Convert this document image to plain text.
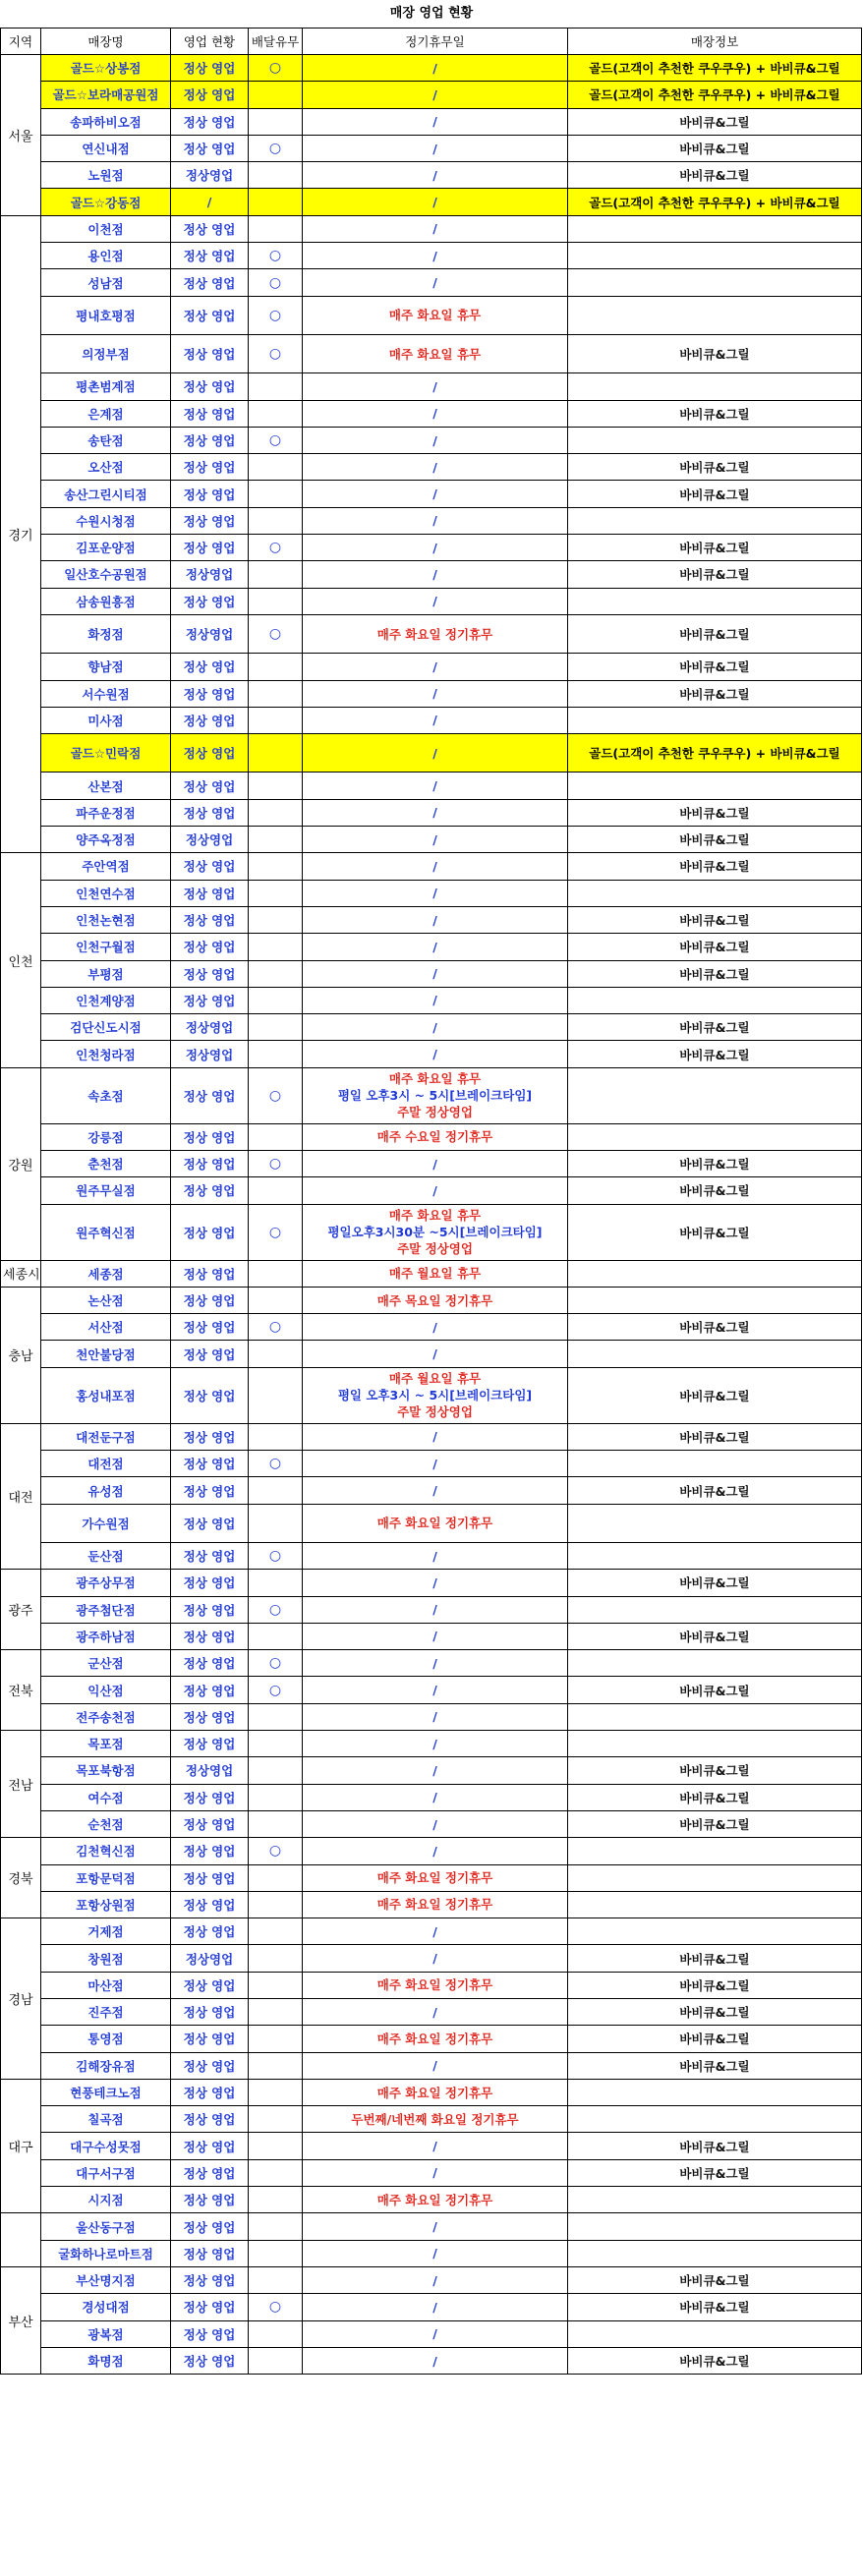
매장 영업 현황
지역	매장명	영업 현황	배달유무	정기휴무일	매장정보
서울	골드☆상봉점	정상 영업	○	/	골드(고객이 추천한 쿠우쿠우) + 바비큐&그릴
	골드☆보라매공원점	정상 영업		/	골드(고객이 추천한 쿠우쿠우) + 바비큐&그릴
	송파하비오점	정상 영업		/	바비큐&그릴
	연신내점	정상 영업	○	/	바비큐&그릴
	노원점	정상영업		/	바비큐&그릴
	골드☆강동점	/		/	골드(고객이 추천한 쿠우쿠우) + 바비큐&그릴
경기	이천점	정상 영업		/	

	용인점	정상 영업	○	/	

	성남점	정상 영업	○	/	

	평내호평점	정상 영업	○	매주 화요일 휴무	

	의정부점	정상 영업	○	매주 화요일 휴무	바비큐&그릴
	평촌범계점	정상 영업		/	

	은계점	정상 영업		/	바비큐&그릴
	송탄점	정상 영업	○	/	

	오산점	정상 영업		/	바비큐&그릴
	송산그린시티점	정상 영업		/	바비큐&그릴
	수원시청점	정상 영업		/	

	김포운양점	정상 영업	○	/	바비큐&그릴
	일산호수공원점	정상영업		/	바비큐&그릴
	삼송원흥점	정상 영업		/	

	화정점	정상영업	○	매주 화요일 정기휴무	바비큐&그릴
	향남점	정상 영업		/	바비큐&그릴
	서수원점	정상 영업		/	바비큐&그릴
	미사점	정상 영업		/	

	골드☆민락점	정상 영업		/	골드(고객이 추천한 쿠우쿠우) + 바비큐&그릴
	산본점	정상 영업		/	

	파주운정점	정상 영업		/	바비큐&그릴
	양주옥정점	정상영업		/	바비큐&그릴
인천	주안역점	정상 영업		/	바비큐&그릴
	인천연수점	정상 영업		/	

	인천논현점	정상 영업		/	바비큐&그릴
	인천구월점	정상 영업		/	바비큐&그릴
	부평점	정상 영업		/	바비큐&그릴
	인천계양점	정상 영업		/	

	검단신도시점	정상영업		/	바비큐&그릴
	인천청라점	정상영업		/	바비큐&그릴
강원	속초점	정상 영업	○	매주 화요일 휴무
평일 오후3시 ~ 5시[브레이크타임]
주말 정상영업	

	강릉점	정상 영업		매주 수요일 정기휴무	

	춘천점	정상 영업	○	/	바비큐&그릴
	원주무실점	정상 영업		/	바비큐&그릴
	원주혁신점	정상 영업	○	매주 화요일 휴무
평일오후3시30분 ~5시[브레이크타임]
주말 정상영업	바비큐&그릴
세종시	세종점	정상 영업		매주 월요일 휴무	

충남	논산점	정상 영업		매주 목요일 정기휴무	

	서산점	정상 영업	○	/	바비큐&그릴
	천안불당점	정상 영업		/	

	홍성내포점	정상 영업		매주 월요일 휴무
평일 오후3시 ~ 5시[브레이크타임]
주말 정상영업	바비큐&그릴
대전	대전둔구점	정상 영업		/	바비큐&그릴
	대전점	정상 영업	○	/	

	유성점	정상 영업		/	바비큐&그릴
	가수원점	정상 영업		매주 화요일 정기휴무	

	둔산점	정상 영업	○	/	

광주	광주상무점	정상 영업		/	바비큐&그릴
	광주첨단점	정상 영업	○	/	

	광주하남점	정상 영업		/	바비큐&그릴
전북	군산점	정상 영업	○	/	

	익산점	정상 영업	○	/	바비큐&그릴
	전주송천점	정상 영업		/	

전남	목포점	정상 영업		/	

	목포북항점	정상영업		/	바비큐&그릴
	여수점	정상 영업		/	바비큐&그릴
	순천점	정상 영업		/	바비큐&그릴
경북	김천혁신점	정상 영업	○	/	

	포항문덕점	정상 영업		매주 화요일 정기휴무	

	포항상원점	정상 영업		매주 화요일 정기휴무	

경남	거제점	정상 영업		/	

	창원점	정상영업		/	바비큐&그릴
	마산점	정상 영업		매주 화요일 정기휴무	바비큐&그릴
	진주점	정상 영업		/	바비큐&그릴
	통영점	정상 영업		매주 화요일 정기휴무	바비큐&그릴
	김해장유점	정상 영업		/	바비큐&그릴
대구	현풍테크노점	정상 영업		매주 화요일 정기휴무	

	칠곡점	정상 영업		두번째/네번째 화요일 정기휴무	

	대구수성못점	정상 영업		/	바비큐&그릴
	대구서구점	정상 영업		/	바비큐&그릴
	시지점	정상 영업		매주 화요일 정기휴무	

	울산동구점	정상 영업		/	

	굴화하나로마트점	정상 영업		/	

부산	부산명지점	정상 영업		/	바비큐&그릴
	경성대점	정상 영업	○	/	바비큐&그릴
	광복점	정상 영업		/	

	화명점	정상 영업		/	바비큐&그릴
